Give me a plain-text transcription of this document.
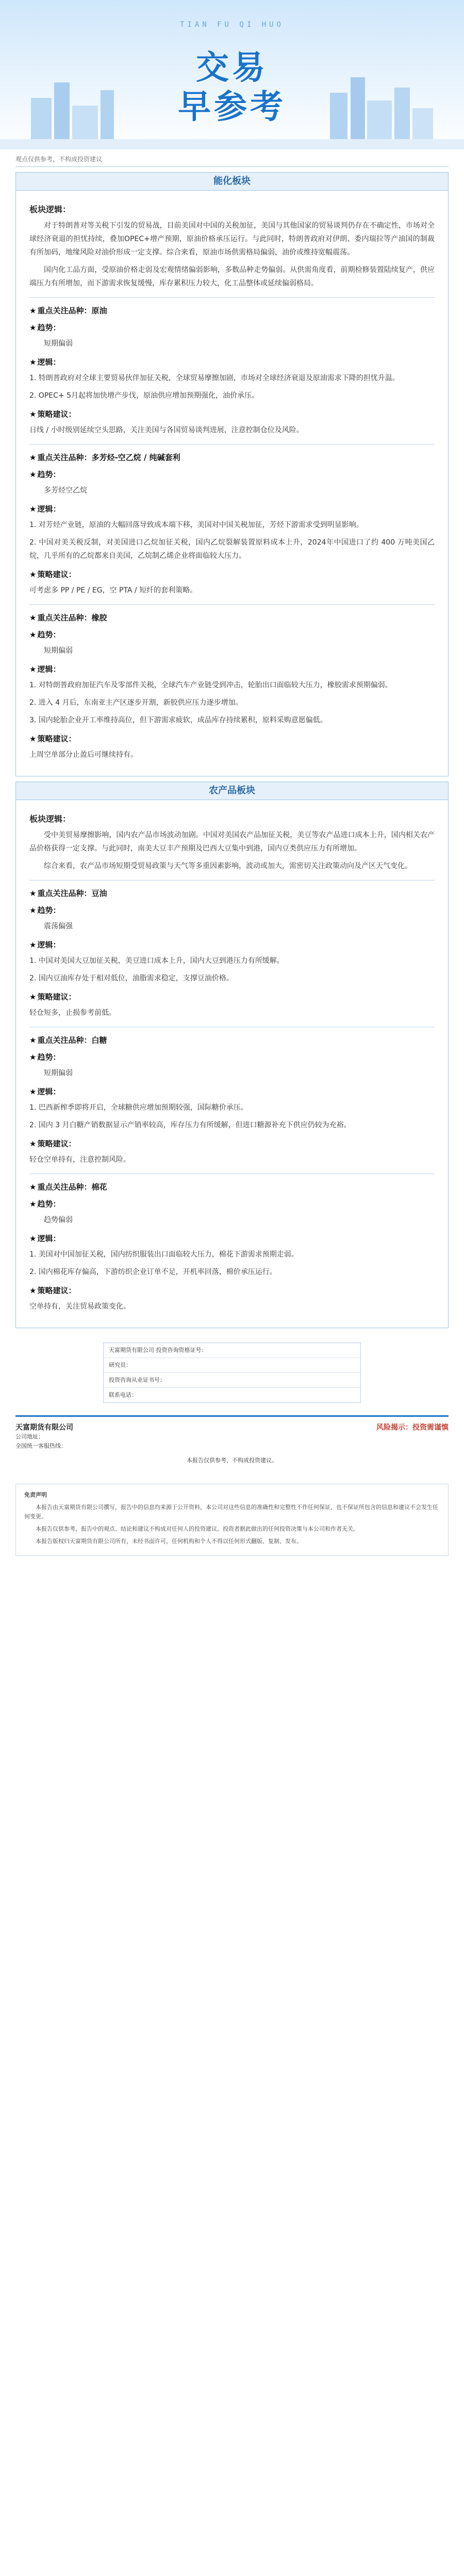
TIAN FU QI HUO
交易
早参考
观点仅供参考，不构成投资建议
能化板块
板块逻辑：

对于特朗普对等关税下引发的贸易战，目前美国对中国的关税加征，美国与其他国家的贸易谈判仍存在不确定性，市场对全球经济衰退的担忧持续，叠加OPEC+增产预期，原油价格承压运行。与此同时，特朗普政府对伊朗、委内瑞拉等产油国的制裁有所加码，地缘风险对油价形成一定支撑。综合来看，原油市场供需格局偏弱，油价或维持宽幅震荡。

国内化工品方面，受原油价格走弱及宏观情绪偏弱影响，多数品种走势偏弱。从供需角度看，前期检修装置陆续复产，供应端压力有所增加，而下游需求恢复缓慢，库存累积压力较大，化工品整体或延续偏弱格局。

★ 重点关注品种：原油
★ 趋势：

短期偏弱

★ 逻辑：

1. 特朗普政府对全球主要贸易伙伴加征关税，全球贸易摩擦加剧，市场对全球经济衰退及原油需求下降的担忧升温。

2. OPEC+ 5月起将加快增产步伐，原油供应增加预期强化，油价承压。

★ 策略建议：

日线 / 小时级别延续空头思路，关注美国与各国贸易谈判进展，注意控制仓位及风险。

★ 重点关注品种：多芳烃-空乙烷 / 纯碱套利
★ 趋势：

多芳烃空乙烷

★ 逻辑：

1. 对芳烃产业链，原油的大幅回落导致成本端下移，美国对中国关税加征，芳烃下游需求受到明显影响。

2. 中国对美关税反制，对美国进口乙烷加征关税，国内乙烷裂解装置原料成本上升，2024年中国进口了约 400 万吨美国乙烷，几乎所有的乙烷都来自美国，乙烷制乙烯企业将面临较大压力。

★ 策略建议：

可考虑多 PP / PE / EG，空 PTA / 短纤的套利策略。

★ 重点关注品种：橡胶
★ 趋势：

短期偏弱

★ 逻辑：

1. 对特朗普政府加征汽车及零部件关税，全球汽车产业链受到冲击，轮胎出口面临较大压力，橡胶需求预期偏弱。

2. 进入 4 月后，东南亚主产区逐步开割，新胶供应压力逐步增加。

3. 国内轮胎企业开工率维持高位，但下游需求疲软，成品库存持续累积，原料采购意愿偏低。

★ 策略建议：

上周空单部分止盈后可继续持有。

农产品板块
板块逻辑：

受中美贸易摩擦影响，国内农产品市场波动加剧。中国对美国农产品加征关税，美豆等农产品进口成本上升，国内相关农产品价格获得一定支撑。与此同时，南美大豆丰产预期及巴西大豆集中到港，国内豆类供应压力有所增加。

综合来看，农产品市场短期受贸易政策与天气等多重因素影响，波动或加大，需密切关注政策动向及产区天气变化。

★ 重点关注品种：豆油
★ 趋势：

震荡偏强

★ 逻辑：

1. 中国对美国大豆加征关税，美豆进口成本上升，国内大豆到港压力有所缓解。

2. 国内豆油库存处于相对低位，油脂需求稳定，支撑豆油价格。

★ 策略建议：

轻仓短多，止损参考前低。

★ 重点关注品种：白糖
★ 趋势：

短期偏弱

★ 逻辑：

1. 巴西新榨季即将开启，全球糖供应增加预期较强，国际糖价承压。

2. 国内 3 月白糖产销数据显示产销率较高，库存压力有所缓解，但进口糖源补充下供应仍较为充裕。

★ 策略建议：

轻仓空单持有，注意控制风险。

★ 重点关注品种：棉花
★ 趋势：

趋势偏弱

★ 逻辑：

1. 美国对中国加征关税，国内纺织服装出口面临较大压力，棉花下游需求预期走弱。

2. 国内棉花库存偏高，下游纺织企业订单不足，开机率回落，棉价承压运行。

★ 策略建议：

空单持有，关注贸易政策变化。

天富期货有限公司 投资咨询资格证号：
研究员：
投资咨询从业证书号：
联系电话：
天富期货有限公司
公司地址：
全国统一客服热线：
风险揭示：投资需谨慎
本报告仅供参考，不构成投资建议。
免责声明

本报告由天富期货有限公司撰写，报告中的信息均来源于公开资料，本公司对这些信息的准确性和完整性不作任何保证，也不保证所包含的信息和建议不会发生任何变更。

本报告仅供参考，报告中的观点、结论和建议不构成对任何人的投资建议。投资者据此做出的任何投资决策与本公司和作者无关。

本报告版权归天富期货有限公司所有，未经书面许可，任何机构和个人不得以任何形式翻版、复制、发布。
